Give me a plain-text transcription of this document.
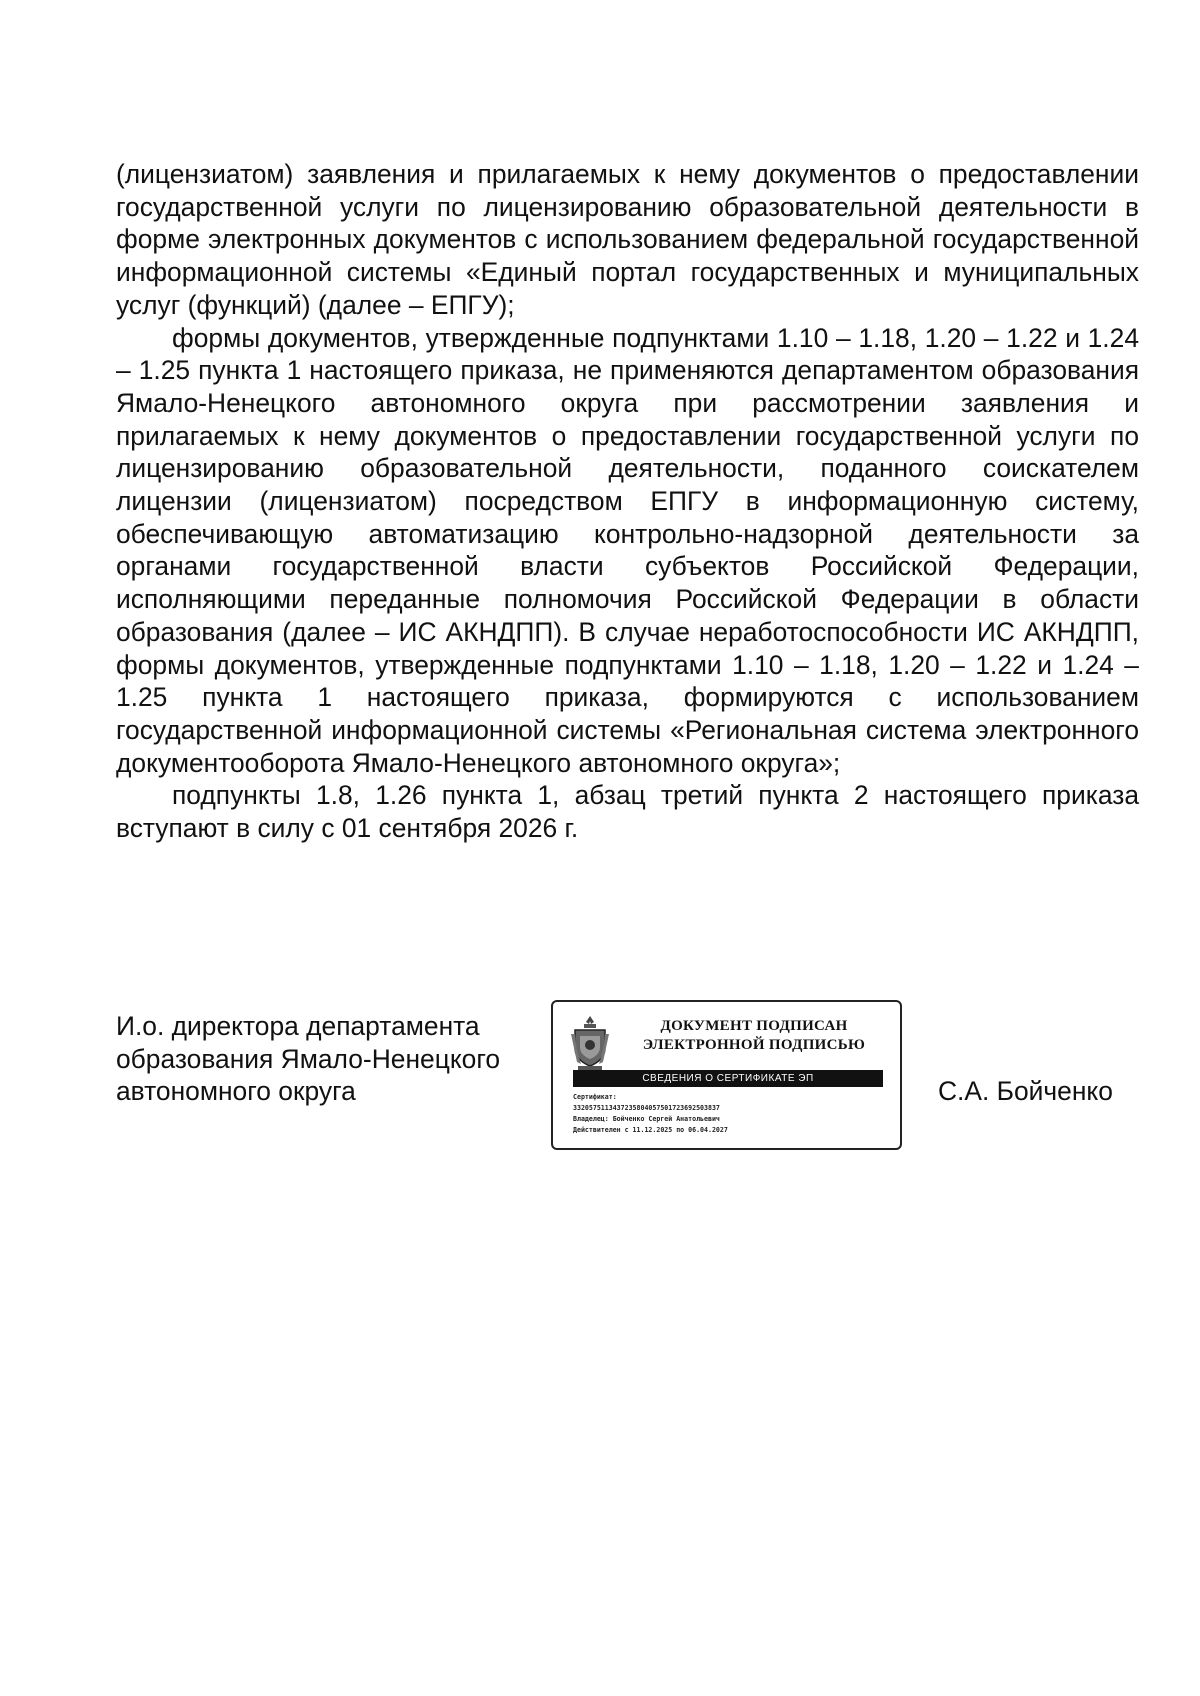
(лицензиатом) заявления и прилагаемых к нему документов о предоставлении государственной услуги по лицензированию образовательной деятельности в форме электронных документов с использованием федеральной государственной информационной системы «Единый портал государственных и муниципальных услуг (функций) (далее – ЕПГУ);

формы документов, утвержденные подпунктами 1.10 – 1.18, 1.20 – 1.22 и 1.24 – 1.25 пункта 1 настоящего приказа, не применяются департаментом образования Ямало-Ненецкого автономного округа при рассмотрении заявления и прилагаемых к нему документов о предоставлении государственной услуги по лицензированию образовательной деятельности, поданного соискателем лицензии (лицензиатом) посредством ЕПГУ в информационную систему, обеспечивающую автоматизацию контрольно-надзорной деятельности за органами государственной власти субъектов Российской Федерации, исполняющими переданные полномочия Российской Федерации в области образования (далее – ИС АКНДПП). В случае неработоспособности ИС АКНДПП, формы документов, утвержденные подпунктами 1.10 – 1.18, 1.20 – 1.22 и 1.24 – 1.25 пункта 1 настоящего приказа, формируются с использованием государственной информационной системы «Региональная система электронного документооборота Ямало-Ненецкого автономного округа»;

подпункты 1.8, 1.26 пункта 1, абзац третий пункта 2 настоящего приказа вступают в силу с 01 сентября 2026 г.

И.о. директора департамента
образования Ямало-Ненецкого
автономного округа
ДОКУМЕНТ ПОДПИСАН
ЭЛЕКТРОННОЙ ПОДПИСЬЮ
СВЕДЕНИЯ О СЕРТИФИКАТЕ ЭП
Сертификат:
3320575113437235804057501723692503837
Владелец: Бойченко Сергей Анатольевич
Действителен с 11.12.2025 по 06.04.2027
С.А. Бойченко
